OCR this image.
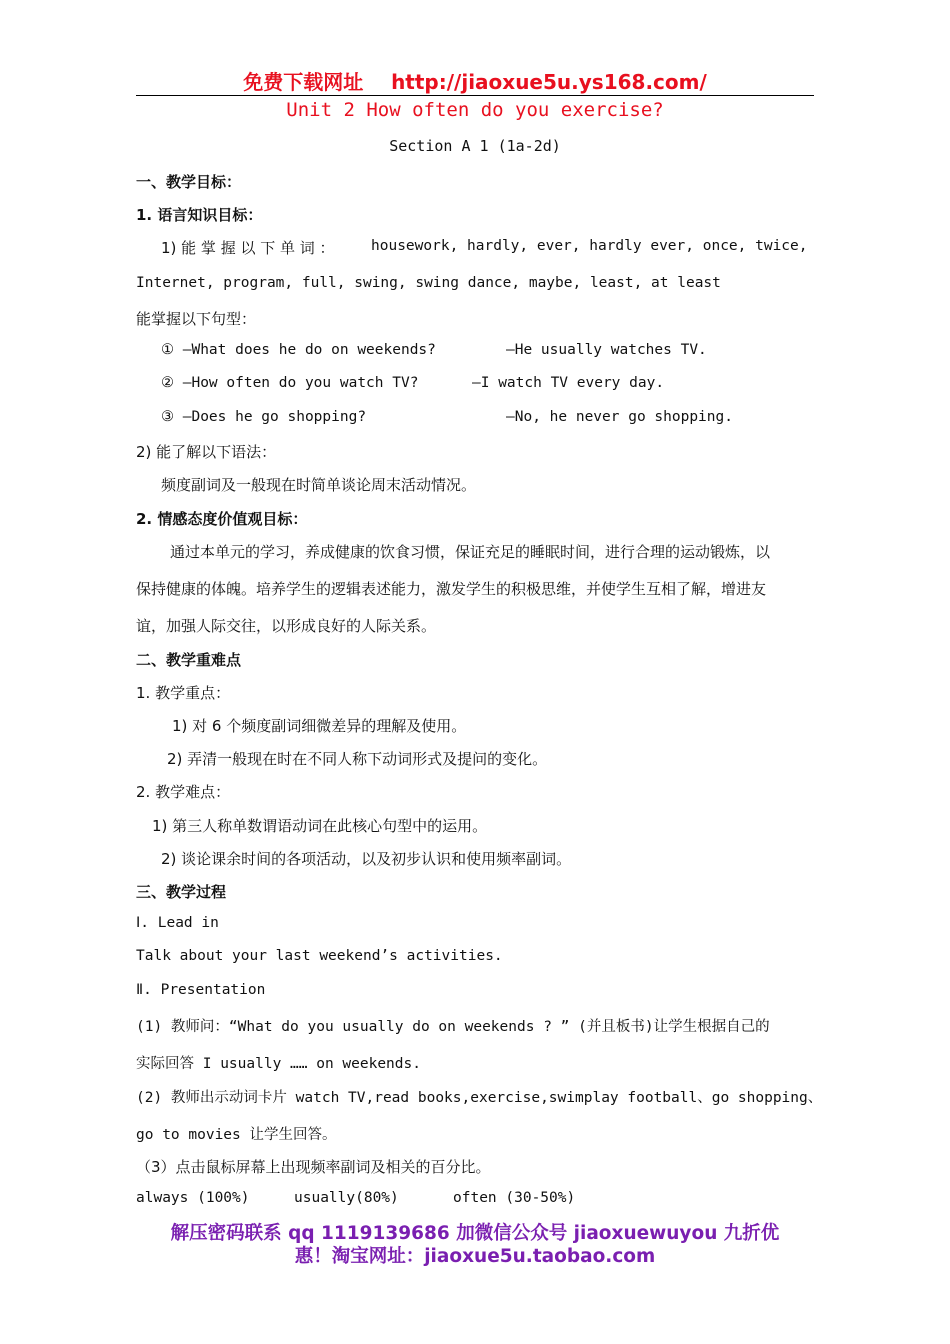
免费下载网址 http://jiaoxue5u.ys168.com/
Unit 2 How often do you exercise?
Section A 1 (1a-2d)
一、教学目标：
1. 语言知识目标：
1) 能 掌 握 以 下 单 词 ：	housework, hardly, ever, hardly ever, once, twice,
Internet, program, full, swing, swing dance, maybe, least, at least
能掌握以下句型：
① —What does he do on weekends?	—He usually watches TV.
② —How often do you watch TV?	—I watch TV every day.
③ —Does he go shopping?	—No, he never go shopping.
2) 能了解以下语法：
频度副词及一般现在时简单谈论周末活动情况。
2. 情感态度价值观目标：
通过本单元的学习，养成健康的饮食习惯，保证充足的睡眠时间，进行合理的运动锻炼，以
保持健康的体魄。培养学生的逻辑表述能力，激发学生的积极思维，并使学生互相了解，增进友
谊，加强人际交往，以形成良好的人际关系。
二、教学重难点
1. 教学重点：
1) 对 6 个频度副词细微差异的理解及使用。
2) 弄清一般现在时在不同人称下动词形式及提问的变化。
2. 教学难点：
1) 第三人称单数谓语动词在此核心句型中的运用。
2) 谈论课余时间的各项活动，以及初步认识和使用频率副词。
三、教学过程
Ⅰ. Lead in
Talk about your last weekend’s activities.
Ⅱ. Presentation
(1) 教师问：“What do you usually do on weekends ? ” (并且板书)让学生根据自己的
实际回答 I usually …… on weekends.
(2) 教师出示动词卡片 watch TV,read books,exercise,swimplay football、go shopping、
go to movies 让学生回答。
（3）点击鼠标屏幕上出现频率副词及相关的百分比。
always (100%)	usually(80%)	often (30-50%)
解压密码联系 qq 1119139686 加微信公众号 jiaoxuewuyou 九折优
惠！淘宝网址：jiaoxue5u.taobao.com
